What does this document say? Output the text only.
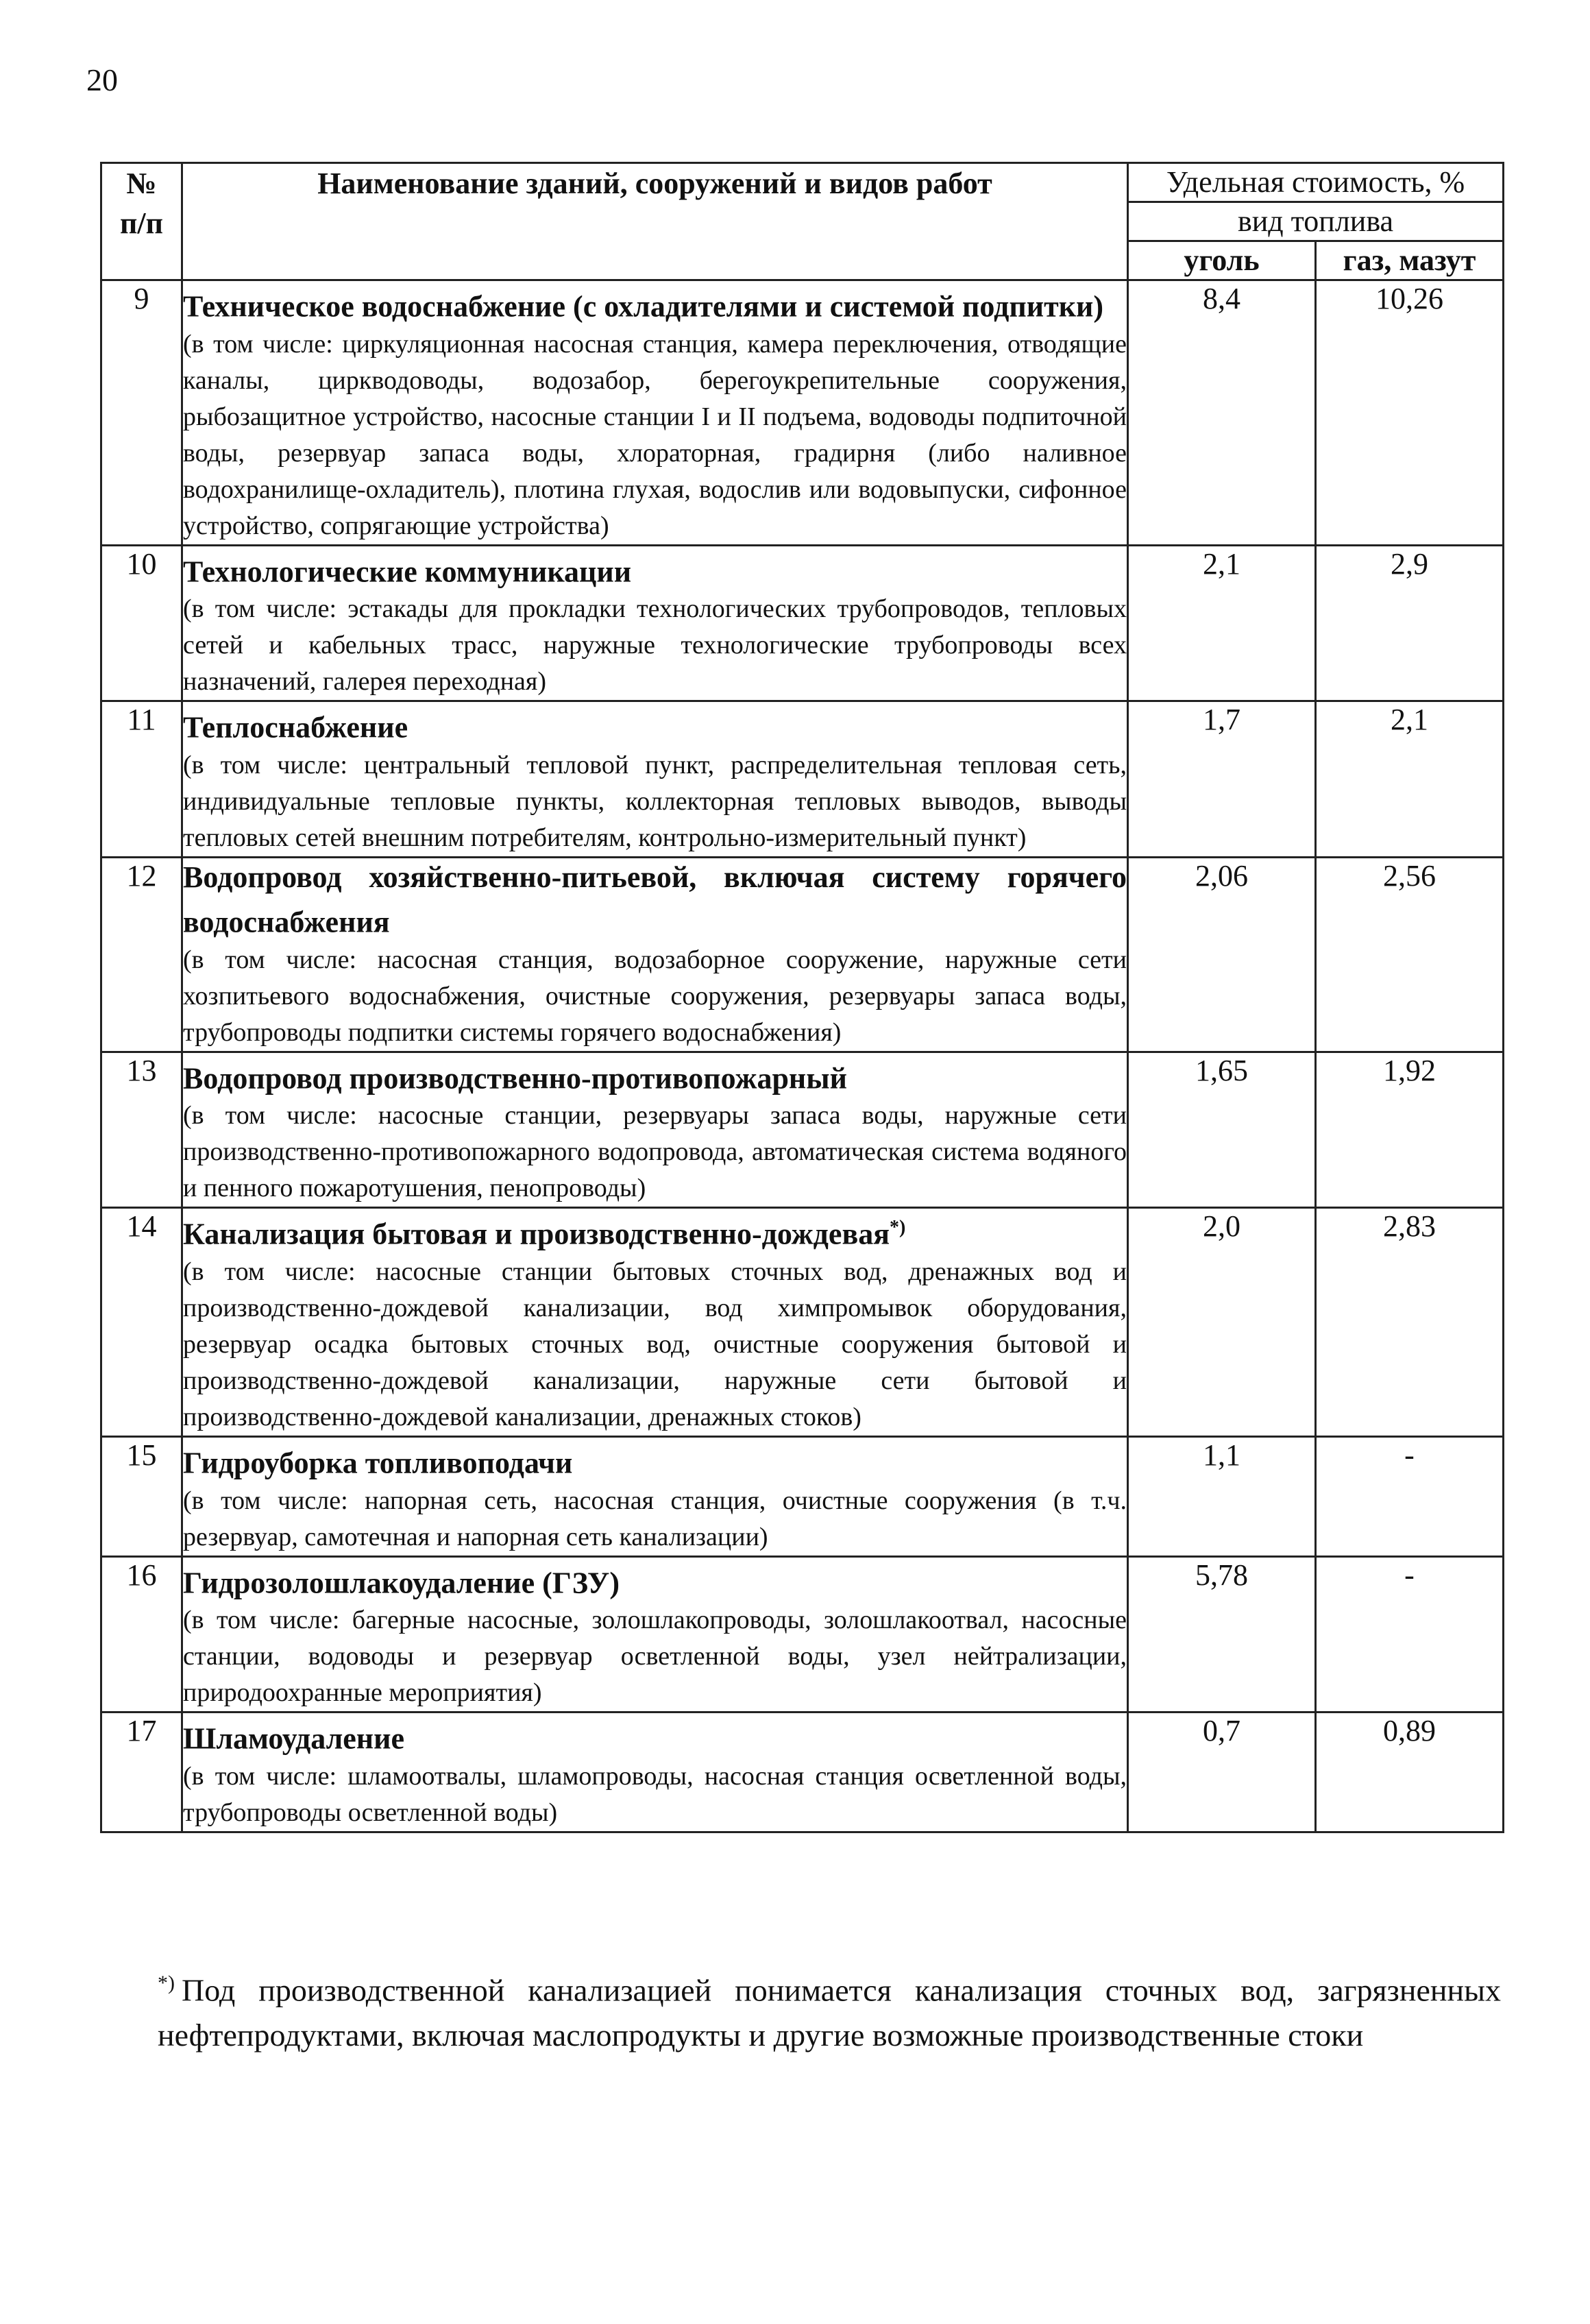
20
№
п/п	Наименование зданий, сооружений и видов работ	Удельная стоимость, %	
		вид топлива	
		уголь	газ, мазут
9	Техническое водоснабжение (с охладителями и системой подпитки)
(в том числе: циркуляционная насосная станция, камера переключения, отводящие каналы, циркводоводы, водозабор, берегоукрепительные сооружения, рыбозащитное устройство, насосные станции I и II подъема, водоводы подпиточной воды, резервуар запаса воды, хлораторная, градирня (либо наливное водохранилище-охладитель), плотина глухая, водослив или водовыпуски, сифонное устройство, сопрягающие устройства)	8,4	10,26
10	Технологические коммуникации
(в том числе: эстакады для прокладки технологических трубопроводов, тепловых сетей и кабельных трасс, наружные технологические трубопроводы всех назначений, галерея переходная)	2,1	2,9
11	Теплоснабжение
(в том числе: центральный тепловой пункт, распределительная тепловая сеть, индивидуальные тепловые пункты, коллекторная тепловых выводов, выводы тепловых сетей внешним потребителям, контрольно-измерительный пункт)	1,7	2,1
12	Водопровод хозяйственно-питьевой, включая систему горячего водоснабжения
(в том числе: насосная станция, водозаборное сооружение, наружные сети хозпитьевого водоснабжения, очистные сооружения, резервуары запаса воды, трубопроводы подпитки системы горячего водоснабжения)	2,06	2,56
13	Водопровод производственно-противопожарный
(в том числе: насосные станции, резервуары запаса воды, наружные сети производственно-противопожарного водопровода, автоматическая система водяного и пенного пожаротушения, пенопроводы)	1,65	1,92
14	Канализация бытовая и производственно-дождевая*)
(в том числе: насосные станции бытовых сточных вод, дренажных вод и производственно-дождевой канализации, вод химпромывок оборудования, резервуар осадка бытовых сточных вод, очистные сооружения бытовой и производственно-дождевой канализации, наружные сети бытовой и производственно-дождевой канализации, дренажных стоков)	2,0	2,83
15	Гидроуборка топливоподачи
(в том числе: напорная сеть, насосная станция, очистные сооружения (в т.ч. резервуар, самотечная и напорная сеть канализации)	1,1	-
16	Гидрозолошлакоудаление (ГЗУ)
(в том числе: багерные насосные, золошлакопроводы, золошлакоотвал, насосные станции, водоводы и резервуар осветленной воды, узел нейтрализации, природоохранные мероприятия)	5,78	-
17	Шламоудаление
(в том числе: шламоотвалы, шламопроводы, насосная станция осветленной воды, трубопроводы осветленной воды)	0,7	0,89
*) Под производственной канализацией понимается канализация сточных вод, загрязненных нефтепродуктами, включая маслопродукты и другие возможные производственные стоки
